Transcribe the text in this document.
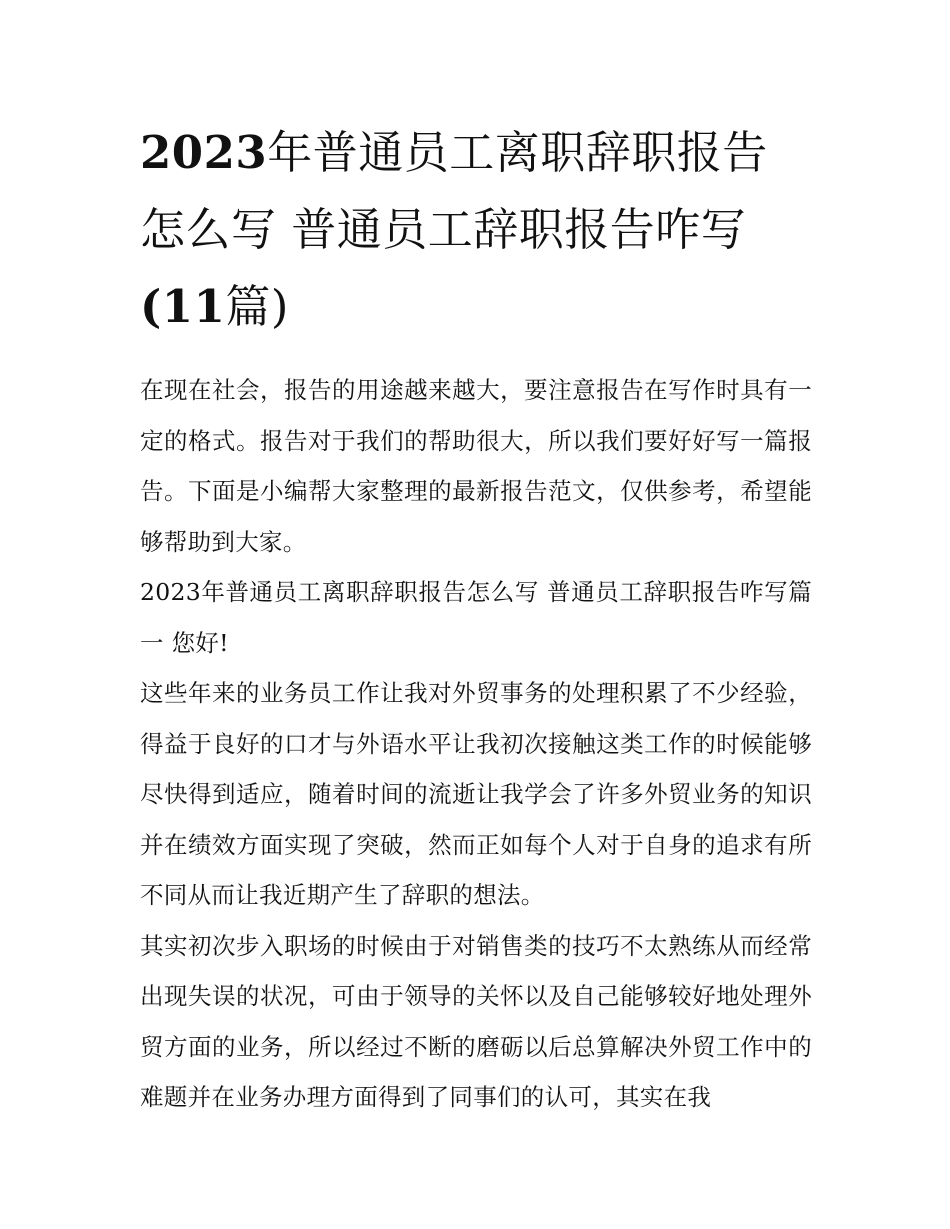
2023年普通员工离职辞职报告
怎么写 普通员工辞职报告咋写
(11篇)

在现在社会，报告的用途越来越大，要注意报告在写作时具有一定的格式。报告对于我们的帮助很大，所以我们要好好写一篇报告。下面是小编帮大家整理的最新报告范文，仅供参考，希望能够帮助到大家。

2023年普通员工离职辞职报告怎么写 普通员工辞职报告咋写篇一 您好!

这些年来的业务员工作让我对外贸事务的处理积累了不少经验，得益于良好的口才与外语水平让我初次接触这类工作的时候能够尽快得到适应，随着时间的流逝让我学会了许多外贸业务的知识并在绩效方面实现了突破，然而正如每个人对于自身的追求有所不同从而让我近期产生了辞职的想法。

其实初次步入职场的时候由于对销售类的技巧不太熟练从而经常出现失误的状况，可由于领导的关怀以及自己能够较好地处理外贸方面的业务，所以经过不断的磨砺以后总算解决外贸工作中的难题并在业务办理方面得到了同事们的认可，其实在我
